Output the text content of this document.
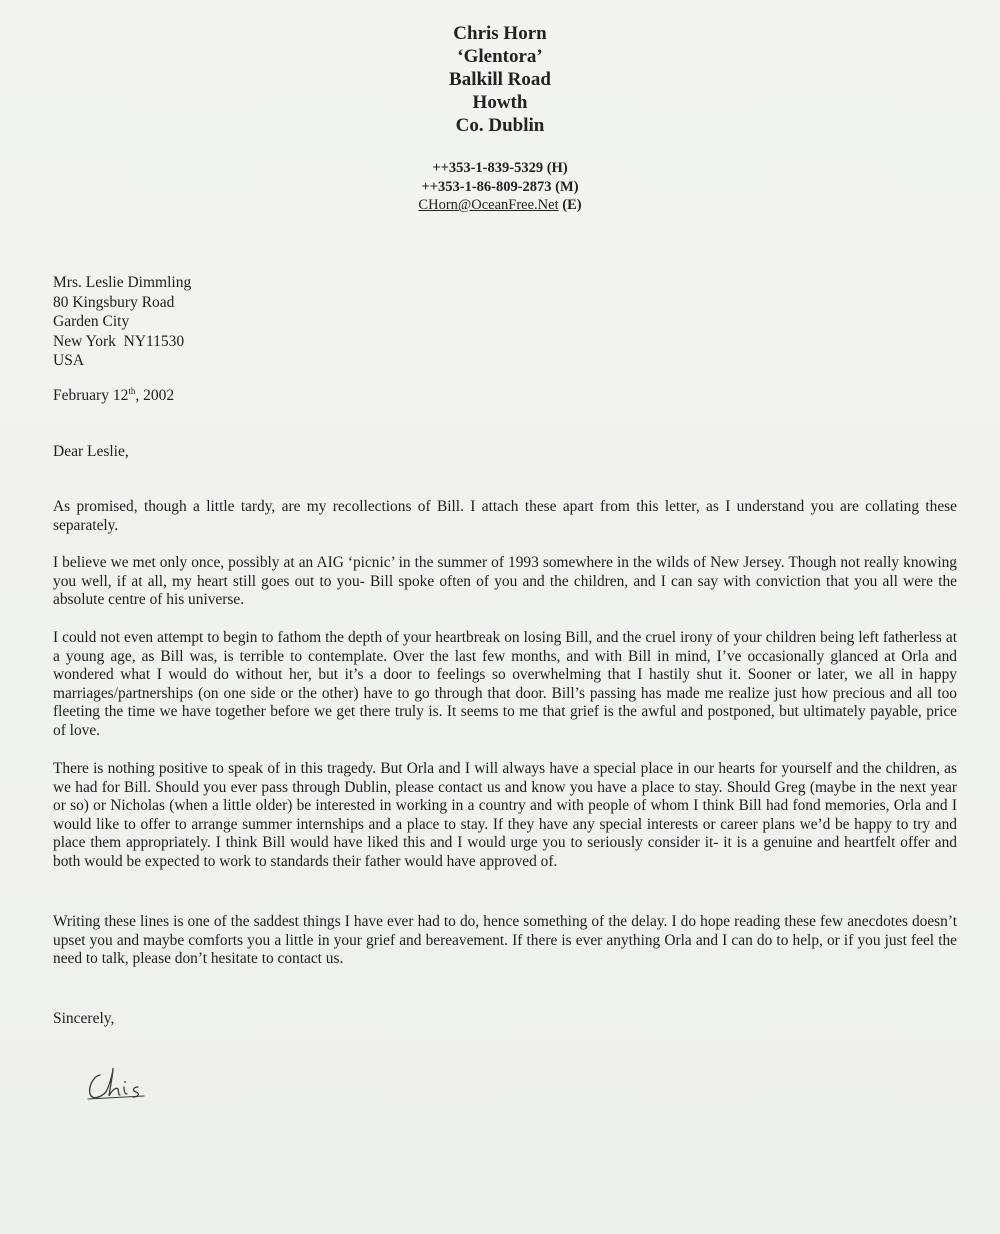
Chris Horn
‘Glentora’
Balkill Road
Howth
Co. Dublin
++353-1-839-5329 (H)
++353-1-86-809-2873 (M)
CHorn@OceanFree.Net (E)
Mrs. Leslie Dimmling
80 Kingsbury Road
Garden City
New York  NY11530
USA
February 12th, 2002
Dear Leslie,

As promised, though a little tardy, are my recollections of Bill. I attach these apart from this letter, as I understand you are collating these separately.

I believe we met only once, possibly at an AIG ‘picnic’ in the summer of 1993 somewhere in the wilds of New Jersey. Though not really knowing you well, if at all, my heart still goes out to you- Bill spoke often of you and the children, and I can say with conviction that you all were the absolute centre of his universe.

I could not even attempt to begin to fathom the depth of your heartbreak on losing Bill, and the cruel irony of your children being left fatherless at a young age, as Bill was, is terrible to contemplate. Over the last few months, and with Bill in mind, I’ve occasionally glanced at Orla and wondered what I would do without her, but it’s a door to feelings so overwhelming that I hastily shut it. Sooner or later, we all in happy marriages/partnerships (on one side or the other) have to go through that door. Bill’s passing has made me realize just how precious and all too fleeting the time we have together before we get there truly is. It seems to me that grief is the awful and postponed, but ultimately payable, price of love.

There is nothing positive to speak of in this tragedy. But Orla and I will always have a special place in our hearts for yourself and the children, as we had for Bill. Should you ever pass through Dublin, please contact us and know you have a place to stay. Should Greg (maybe in the next year or so) or Nicholas (when a little older) be interested in working in a country and with people of whom I think Bill had fond memories, Orla and I would like to offer to arrange summer internships and a place to stay. If they have any special interests or career plans we’d be happy to try and place them appropriately. I think Bill would have liked this and I would urge you to seriously consider it- it is a genuine and heartfelt offer and both would be expected to work to standards their father would have approved of.

Writing these lines is one of the saddest things I have ever had to do, hence something of the delay. I do hope reading these few anecdotes doesn’t upset you and maybe comforts you a little in your grief and bereavement. If there is ever anything Orla and I can do to help, or if you just feel the need to talk, please don’t hesitate to contact us.

Sincerely,
